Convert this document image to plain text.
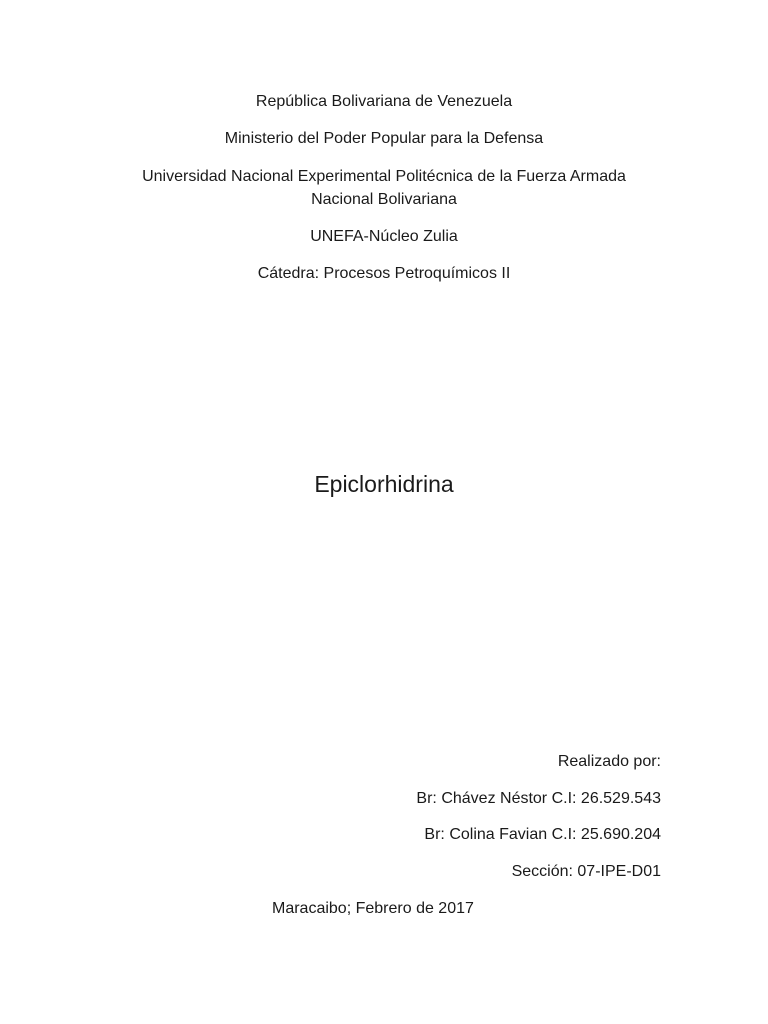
República Bolivariana de Venezuela
Ministerio del Poder Popular para la Defensa
Universidad Nacional Experimental Politécnica de la Fuerza Armada
Nacional Bolivariana
UNEFA-Núcleo Zulia
Cátedra: Procesos Petroquímicos II
Epiclorhidrina
Realizado por:
Br: Chávez Néstor C.I: 26.529.543
Br: Colina Favian C.I: 25.690.204
Sección: 07-IPE-D01
Maracaibo; Febrero de 2017
